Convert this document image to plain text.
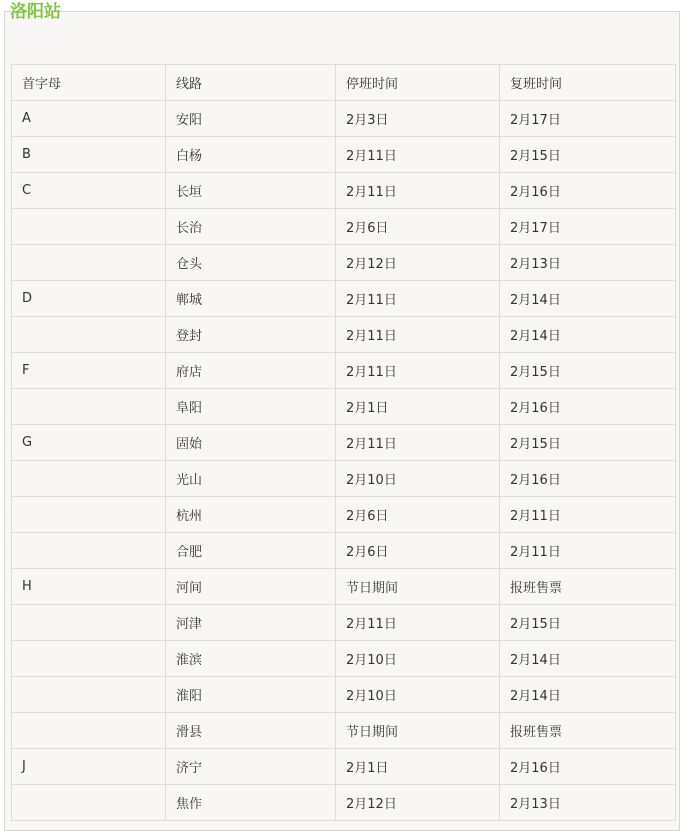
洛阳站
首字母	线路	停班时间	复班时间
A	安阳	2月3日	2月17日
B	白杨	2月11日	2月15日
C	长垣	2月11日	2月16日
	长治	2月6日	2月17日
	仓头	2月12日	2月13日
D	郸城	2月11日	2月14日
	登封	2月11日	2月14日
F	府店	2月11日	2月15日
	阜阳	2月1日	2月16日
G	固始	2月11日	2月15日
	光山	2月10日	2月16日
	杭州	2月6日	2月11日
	合肥	2月6日	2月11日
H	河间	节日期间	报班售票
	河津	2月11日	2月15日
	淮滨	2月10日	2月14日
	淮阳	2月10日	2月14日
	滑县	节日期间	报班售票
J	济宁	2月1日	2月16日
	焦作	2月12日	2月13日
